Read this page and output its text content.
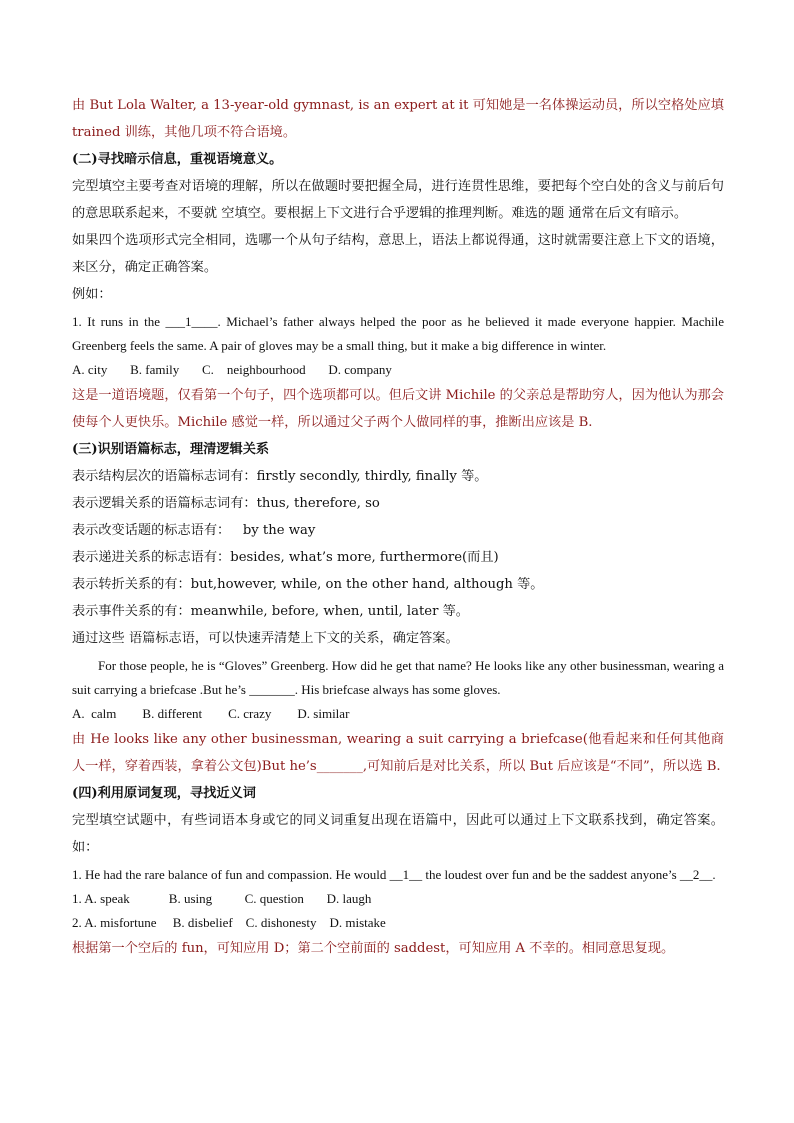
由 But Lola Walter, a 13-year-old gymnast, is an expert at it 可知她是一名体操运动员，所以空格处应填 trained 训练，其他几项不符合语境。

(二)寻找暗示信息，重视语境意义。

完型填空主要考查对语境的理解，所以在做题时要把握全局，进行连贯性思维，要把每个空白处的含义与前后句的意思联系起来，不要就 空填空。要根据上下文进行合乎逻辑的推理判断。难选的题 通常在后文有暗示。

如果四个选项形式完全相同，选哪一个从句子结构，意思上，语法上都说得通，这时就需要注意上下文的语境，来区分，确定正确答案。

例如：

1. It runs in the ___1____. Michael’s father always helped the poor as he believed it made everyone happier. Machile Greenberg feels the same. A pair of gloves may be a small thing, but it make a big difference in winter.

A. city       B. family       C.    neighbourhood       D. company

这是一道语境题，仅看第一个句子，四个选项都可以。但后文讲 Michile 的父亲总是帮助穷人，因为他认为那会使每个人更快乐。Michile 感觉一样，所以通过父子两个人做同样的事，推断出应该是 B.

(三)识别语篇标志，理清逻辑关系

表示结构层次的语篇标志词有：firstly secondly, thirdly, finally 等。

表示逻辑关系的语篇标志词有：thus, therefore, so

表示改变话题的标志语有：   by the way

表示递进关系的标志语有：besides, what’s more, furthermore(而且)

表示转折关系的有：but,however, while, on the other hand, although 等。

表示事件关系的有：meanwhile, before, when, until, later 等。

通过这些 语篇标志语，可以快速弄清楚上下文的关系，确定答案。

For those people, he is “Gloves” Greenberg. How did he get that name? He looks like any other businessman, wearing a suit carrying a briefcase .But he’s _______. His briefcase always has some gloves.

A.  calm        B. different        C. crazy        D. similar

由 He looks like any other businessman, wearing a suit carrying a briefcase(他看起来和任何其他商人一样，穿着西装，拿着公文包)But he’s_______,可知前后是对比关系，所以 But 后应该是“不同”，所以选 B.

(四)利用原词复现，寻找近义词

完型填空试题中，有些词语本身或它的同义词重复出现在语篇中，因此可以通过上下文联系找到，确定答案。如：

1. He had the rare balance of fun and compassion. He would __1__ the loudest over fun and be the saddest anyone’s __2__.

1. A. speak            B. using          C. question       D. laugh

2. A. misfortune     B. disbelief    C. dishonesty    D. mistake

根据第一个空后的 fun，可知应用 D；第二个空前面的 saddest，可知应用 A 不幸的。相同意思复现。
